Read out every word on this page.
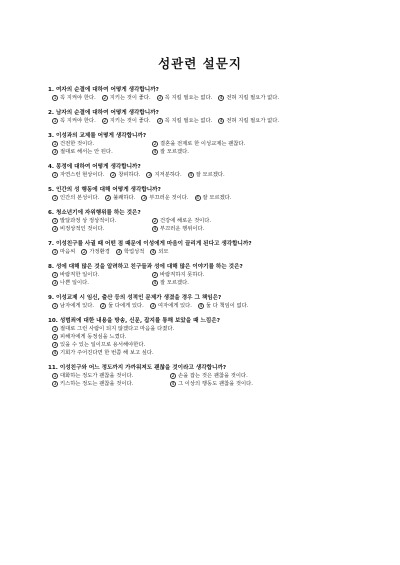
성관련 설문지
1. 여자의 순결에 대하여 어떻게 생각합니까?
1 꼭 지켜야 한다. 2 지키는 것이 좋다. 3 꼭 지킬 필요는 없다. 4 전혀 지킬 필요가 없다.
2. 남자의 순결에 대하여 어떻게 생각합니까?
1 꼭 지켜야 한다. 2 지키는 것이 좋다. 3 꼭 지킬 필요는 없다. 4 전혀 지킬 필요가 없다.
3. 이성과의 교제를 어떻게 생각합니까?
1 건전한 것이다.	2 결혼을 전제로 한 이성교제는 괜찮다.
3 절대로 해서는 안 된다.	4 잘 모르겠다.
4. 몽정에 대하여 어떻게 생각합니까?
1 자연스런 현상이다. 2 창피하다. 3 지저분하다. 4 잘 모르겠다.
5. 인간의 성 행동에 대해 어떻게 생각합니까?
1 인간의 본성이다. 2 불쾌하다. 3 부끄러운 것이다. 4 잘 모르겠다.
6. 청소년기에 자위행위를 하는 것은?
1 발달과정 상 정상적이다.	2 건강에 해로운 것이다.
3 비정상적인 것이다.	4 부끄러운 행위이다.
7. 이성친구를 사귈 때 어떤 점 때문에 이성에게 마음이 끌리게 된다고 생각합니까?
1 마음씨 2 가정환경 3 학업성적 4 외모
8. 성에 대해 많은 것을 알려하고 친구들과 성에 대해 많은 이야기를 하는 것은?
1 바람직한 일이다.	2 바람직하지 못하다.
3 나쁜 일이다.	4 잘 모르겠다.
9. 이성교제 시 임신, 출산 등의 성적인 문제가 생겼을 경우 그 책임은?
1 남자에게 있다. 2 둘 다에게 있다. 3 여자에게 있다. 4 둘 다 책임이 없다.
10. 성범죄에 대한 내용을 방송, 신문, 잡지를 통해 보았을 때 느낌은?
1 절대로 그런 사람이 되지 않겠다고 마음을 다졌다.
2 피해자에게 동정심을 느꼈다.
3 있을 수 있는 일이므로 용서해야한다.
4 기회가 주어진다면 한 번쯤 해 보고 싶다.
11. 이성친구와 어느 정도까지 가까워져도 괜찮을 것이라고 생각합니까?
1 대화하는 정도가 괜찮을 것이다.	2 손을 잡는 것은 괜찮을 것이다.
3 키스하는 정도는 괜찮을 것이다.	4 그 이상의 행동도 괜찮을 것이다.
